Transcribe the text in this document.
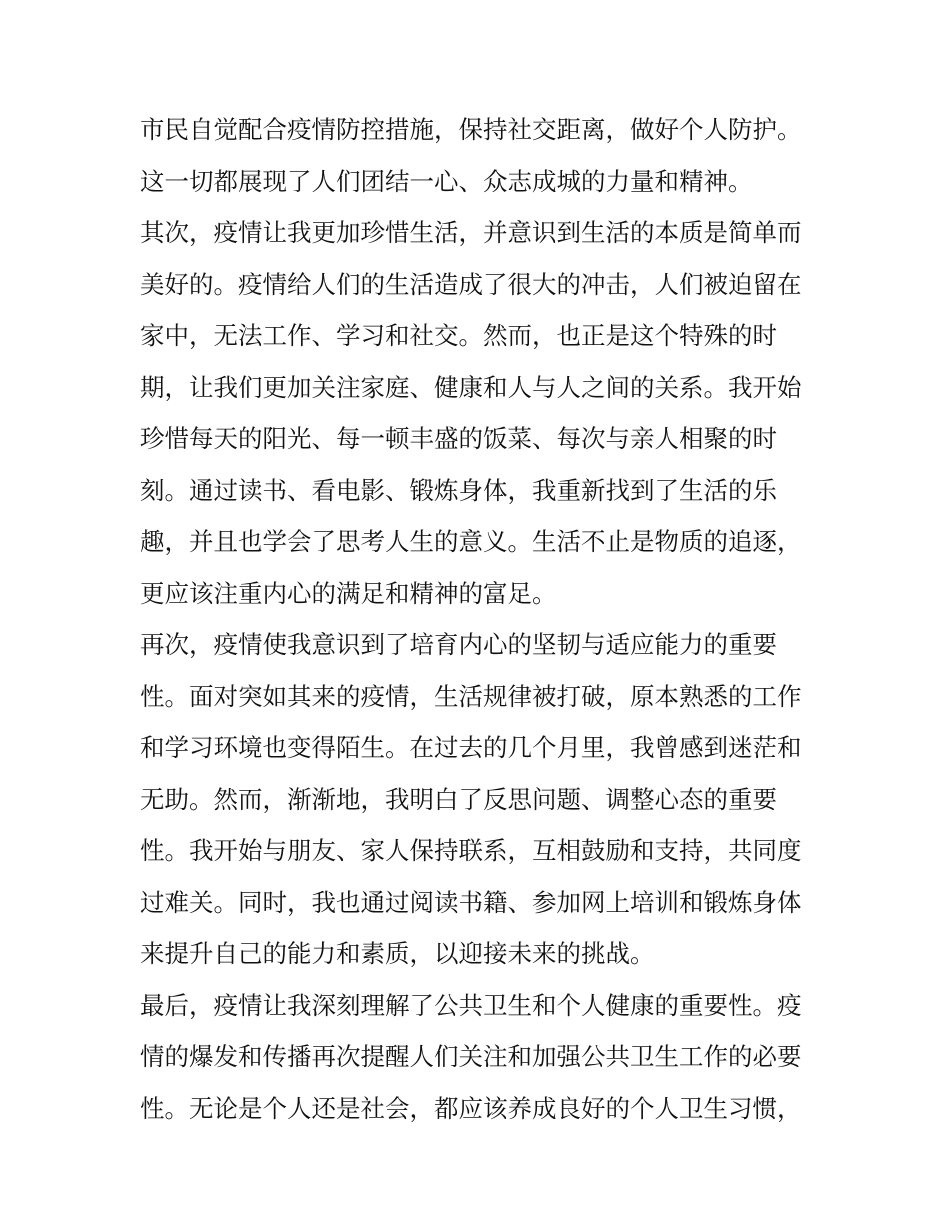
市民自觉配合疫情防控措施，保持社交距离，做好个人防护。
这一切都展现了人们团结一心、众志成城的力量和精神。
其次，疫情让我更加珍惜生活，并意识到生活的本质是简单而
美好的。疫情给人们的生活造成了很大的冲击，人们被迫留在
家中，无法工作、学习和社交。然而，也正是这个特殊的时
期，让我们更加关注家庭、健康和人与人之间的关系。我开始
珍惜每天的阳光、每一顿丰盛的饭菜、每次与亲人相聚的时
刻。通过读书、看电影、锻炼身体，我重新找到了生活的乐
趣，并且也学会了思考人生的意义。生活不止是物质的追逐，
更应该注重内心的满足和精神的富足。
再次，疫情使我意识到了培育内心的坚韧与适应能力的重要
性。面对突如其来的疫情，生活规律被打破，原本熟悉的工作
和学习环境也变得陌生。在过去的几个月里，我曾感到迷茫和
无助。然而，渐渐地，我明白了反思问题、调整心态的重要
性。我开始与朋友、家人保持联系，互相鼓励和支持，共同度
过难关。同时，我也通过阅读书籍、参加网上培训和锻炼身体
来提升自己的能力和素质，以迎接未来的挑战。
最后，疫情让我深刻理解了公共卫生和个人健康的重要性。疫
情的爆发和传播再次提醒人们关注和加强公共卫生工作的必要
性。无论是个人还是社会，都应该养成良好的个人卫生习惯，
